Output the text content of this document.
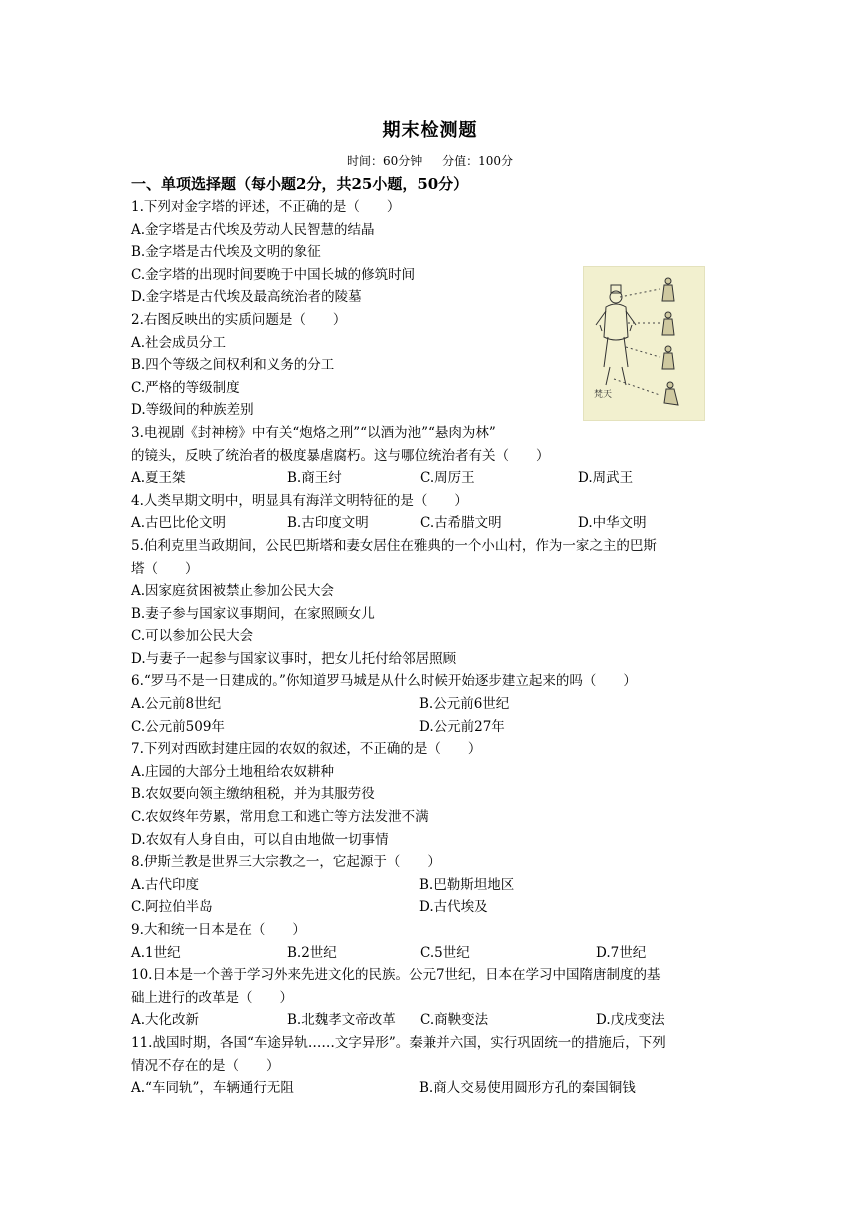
期末检测题
时间：60分钟 分值：100分
一、单项选择题（每小题2分，共25小题，50分）
梵天
1.下列对金字塔的评述，不正确的是（　　）
A.金字塔是古代埃及劳动人民智慧的结晶
B.金字塔是古代埃及文明的象征
C.金字塔的出现时间要晚于中国长城的修筑时间
D.金字塔是古代埃及最高统治者的陵墓
2.右图反映出的实质问题是（　　）
A.社会成员分工
B.四个等级之间权利和义务的分工
C.严格的等级制度
D.等级间的种族差别
3.电视剧《封神榜》中有关“炮烙之刑”“以酒为池”“悬肉为林”
的镜头，反映了统治者的极度暴虐腐朽。这与哪位统治者有关（　　）
A.夏王桀	B.商王纣	C.周厉王	D.周武王
4.人类早期文明中，明显具有海洋文明特征的是（　　）
A.古巴比伦文明	B.古印度文明	C.古希腊文明	D.中华文明
5.伯利克里当政期间，公民巴斯塔和妻女居住在雅典的一个小山村，作为一家之主的巴斯
塔（　　）
A.因家庭贫困被禁止参加公民大会
B.妻子参与国家议事期间，在家照顾女儿
C.可以参加公民大会
D.与妻子一起参与国家议事时，把女儿托付给邻居照顾
6.“罗马不是一日建成的。”你知道罗马城是从什么时候开始逐步建立起来的吗（　　）
A.公元前8世纪	B.公元前6世纪
C.公元前509年	D.公元前27年
7.下列对西欧封建庄园的农奴的叙述，不正确的是（　　）
A.庄园的大部分土地租给农奴耕种
B.农奴要向领主缴纳租税，并为其服劳役
C.农奴终年劳累，常用怠工和逃亡等方法发泄不满
D.农奴有人身自由，可以自由地做一切事情
8.伊斯兰教是世界三大宗教之一，它起源于（　　）
A.古代印度	B.巴勒斯坦地区
C.阿拉伯半岛	D.古代埃及
9.大和统一日本是在（　　）
A.1世纪	B.2世纪	C.5世纪	D.7世纪
10.日本是一个善于学习外来先进文化的民族。公元7世纪，日本在学习中国隋唐制度的基
础上进行的改革是（　　）
A.大化改新	B.北魏孝文帝改革	C.商鞅变法	D.戊戌变法
11.战国时期，各国“车途异轨……文字异形”。秦兼并六国，实行巩固统一的措施后，下列
情况不存在的是（　　）
A.“车同轨”，车辆通行无阻	B.商人交易使用圆形方孔的秦国铜钱
